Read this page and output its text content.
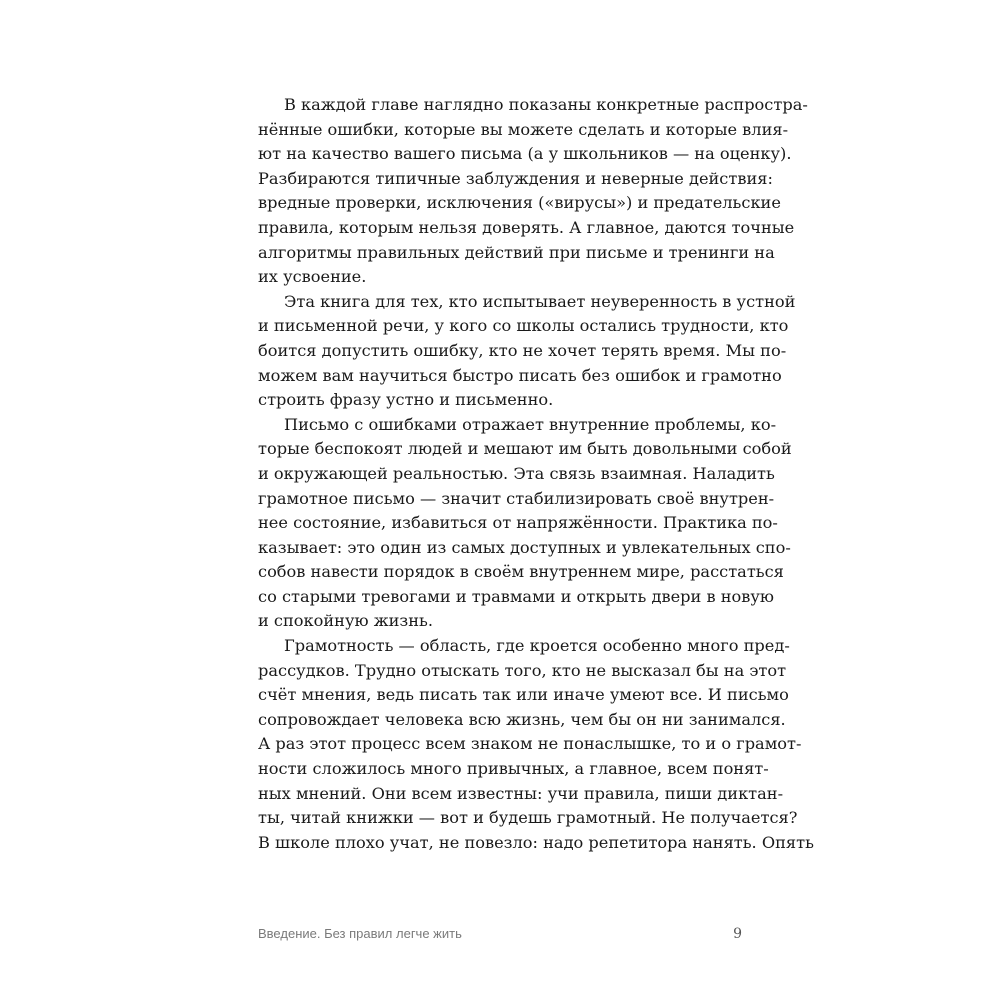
В каждой главе наглядно показаны конкретные распростра-
нённые ошибки, которые вы можете сделать и которые влия-
ют на качество вашего письма (а у школьников — на оценку).
Разбираются типичные заблуждения и неверные действия:
вредные проверки, исключения («вирусы») и предательские
правила, которым нельзя доверять. А главное, даются точные
алгоритмы правильных действий при письме и тренинги на
их усвоение.
Эта книга для тех, кто испытывает неуверенность в устной
и письменной речи, у кого со школы остались трудности, кто
боится допустить ошибку, кто не хочет терять время. Мы по-
можем вам научиться быстро писать без ошибок и грамотно
строить фразу устно и письменно.
Письмо с ошибками отражает внутренние проблемы, ко-
торые беспокоят людей и мешают им быть довольными собой
и окружающей реальностью. Эта связь взаимная. Наладить
грамотное письмо — значит стабилизировать своё внутрен-
нее состояние, избавиться от напряжённости. Практика по-
казывает: это один из самых доступных и увлекательных спо-
собов навести порядок в своём внутреннем мире, расстаться
со старыми тревогами и травмами и открыть двери в новую
и спокойную жизнь.
Грамотность — область, где кроется особенно много пред-
рассудков. Трудно отыскать того, кто не высказал бы на этот
счёт мнения, ведь писать так или иначе умеют все. И письмо
сопровождает человека всю жизнь, чем бы он ни занимался.
А раз этот процесс всем знаком не понаслышке, то и о грамот-
ности сложилось много привычных, а главное, всем понят-
ных мнений. Они всем известны: учи правила, пиши диктан-
ты, читай книжки — вот и будешь грамотный. Не получается?
В школе плохо учат, не повезло: надо репетитора нанять. Опять
Введение. Без правил легче жить	9
